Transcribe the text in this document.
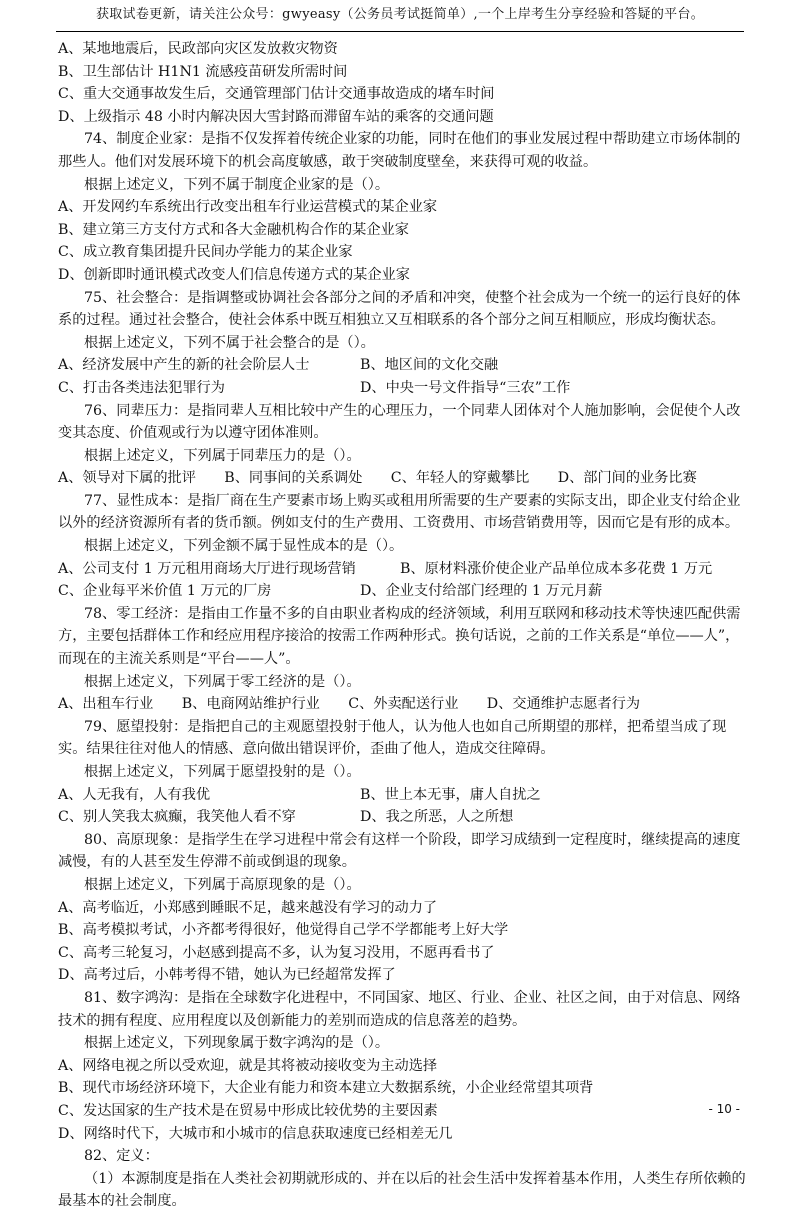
获取试卷更新，请关注公众号：gwyeasy（公务员考试挺简单）,一个上岸考生分享经验和答疑的平台。
A、某地地震后，民政部向灾区发放救灾物资
B、卫生部估计 H1N1 流感疫苗研发所需时间
C、重大交通事故发生后，交通管理部门估计交通事故造成的堵车时间
D、上级指示 48 小时内解决因大雪封路而滞留车站的乘客的交通问题
74、制度企业家：是指不仅发挥着传统企业家的功能，同时在他们的事业发展过程中帮助建立市场体制的那些人。他们对发展环境下的机会高度敏感，敢于突破制度壁垒，来获得可观的收益。
根据上述定义，下列不属于制度企业家的是（）。
A、开发网约车系统出行改变出租车行业运营模式的某企业家
B、建立第三方支付方式和各大金融机构合作的某企业家
C、成立教育集团提升民间办学能力的某企业家
D、创新即时通讯模式改变人们信息传递方式的某企业家
75、社会整合：是指调整或协调社会各部分之间的矛盾和冲突，使整个社会成为一个统一的运行良好的体系的过程。通过社会整合，使社会体系中既互相独立又互相联系的各个部分之间互相顺应，形成均衡状态。
根据上述定义，下列不属于社会整合的是（）。
A、经济发展中产生的新的社会阶层人士	B、地区间的文化交融
C、打击各类违法犯罪行为	D、中央一号文件指导“三农”工作
76、同辈压力：是指同辈人互相比较中产生的心理压力，一个同辈人团体对个人施加影响，会促使个人改变其态度、价值观或行为以遵守团体准则。
根据上述定义，下列属于同辈压力的是（）。
A、领导对下属的批评　　B、同事间的关系调处　　C、年轻人的穿戴攀比　　D、部门间的业务比赛
77、显性成本：是指厂商在生产要素市场上购买或租用所需要的生产要素的实际支出，即企业支付给企业以外的经济资源所有者的货币额。例如支付的生产费用、工资费用、市场营销费用等，因而它是有形的成本。
根据上述定义，下列金额不属于显性成本的是（）。
A、公司支付 1 万元租用商场大厅进行现场营销	B、原材料涨价使企业产品单位成本多花费 1 万元
C、企业每平米价值 1 万元的厂房	D、企业支付给部门经理的 1 万元月薪
78、零工经济：是指由工作量不多的自由职业者构成的经济领域，利用互联网和移动技术等快速匹配供需方，主要包括群体工作和经应用程序接洽的按需工作两种形式。换句话说，之前的工作关系是“单位——人”，而现在的主流关系则是“平台——人”。
根据上述定义，下列属于零工经济的是（）。
A、出租车行业　　B、电商网站维护行业　　C、外卖配送行业　　D、交通维护志愿者行为
79、愿望投射：是指把自己的主观愿望投射于他人，认为他人也如自己所期望的那样，把希望当成了现实。结果往往对他人的情感、意向做出错误评价，歪曲了他人，造成交往障碍。
根据上述定义，下列属于愿望投射的是（）。
A、人无我有，人有我优	B、世上本无事，庸人自扰之
C、别人笑我太疯癫，我笑他人看不穿	D、我之所恶，人之所想
80、高原现象：是指学生在学习进程中常会有这样一个阶段，即学习成绩到一定程度时，继续提高的速度减慢，有的人甚至发生停滞不前或倒退的现象。
根据上述定义，下列属于高原现象的是（）。
A、高考临近，小郑感到睡眠不足，越来越没有学习的动力了
B、高考模拟考试，小齐都考得很好，他觉得自己学不学都能考上好大学
C、高考三轮复习，小赵感到提高不多，认为复习没用，不愿再看书了
D、高考过后，小韩考得不错，她认为已经超常发挥了
81、数字鸿沟：是指在全球数字化进程中，不同国家、地区、行业、企业、社区之间，由于对信息、网络技术的拥有程度、应用程度以及创新能力的差别而造成的信息落差的趋势。
根据上述定义，下列现象属于数字鸿沟的是（）。
A、网络电视之所以受欢迎，就是其将被动接收变为主动选择
B、现代市场经济环境下，大企业有能力和资本建立大数据系统，小企业经常望其项背
C、发达国家的生产技术是在贸易中形成比较优势的主要因素
D、网络时代下，大城市和小城市的信息获取速度已经相差无几
82、定义：
（1）本源制度是指在人类社会初期就形成的、并在以后的社会生活中发挥着基本作用，人类生存所依赖的最基本的社会制度。
- 10 -
